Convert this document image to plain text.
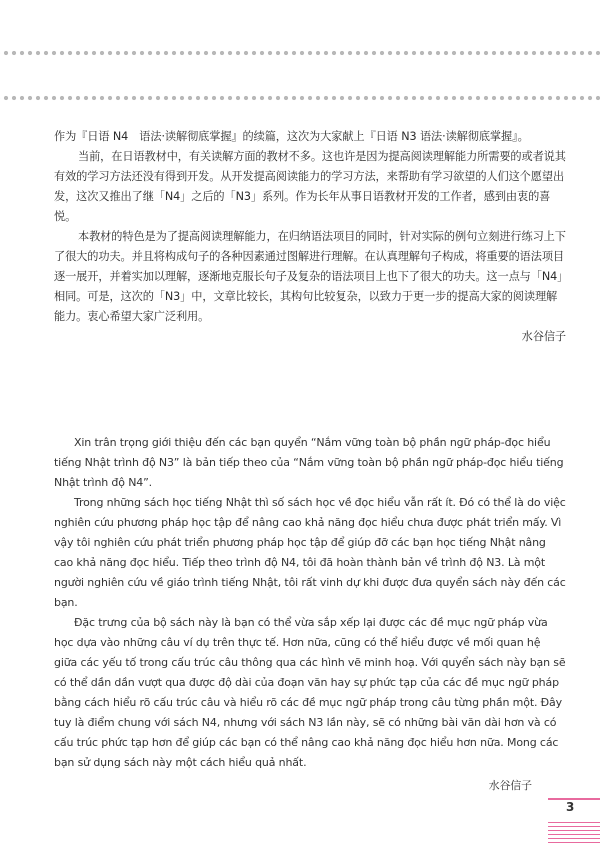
作为『日语 N4　语法·读解彻底掌握』的续篇，这次为大家献上『日语 N3 语法·读解彻底掌握』。

当前，在日语教材中，有关读解方面的教材不多。这也许是因为提高阅读理解能力所需要的或者说其有效的学习方法还没有得到开发。从开发提高阅读能力的学习方法，来帮助有学习欲望的人们这个愿望出发，这次又推出了继「N4」之后的「N3」系列。作为长年从事日语教材开发的工作者，感到由衷的喜悦。

本教材的特色是为了提高阅读理解能力，在归纳语法项目的同时，针对实际的例句立刻进行练习上下了很大的功夫。并且将构成句子的各种因素通过图解进行理解。在认真理解句子构成，将重要的语法项目逐一展开，并着实加以理解，逐渐地克服长句子及复杂的语法项目上也下了很大的功夫。这一点与「N4」相同。可是，这次的「N3」中，文章比较长，其构句比较复杂，以致力于更一步的提高大家的阅读理解能力。衷心希望大家广泛利用。

水谷信子

Xin trân trọng giới thiệu đến các bạn quyển “Nắm vững toàn bộ phần ngữ pháp-đọc hiểu tiếng Nhật trình độ N3” là bản tiếp theo của “Nắm vững toàn bộ phần ngữ pháp-đọc hiểu tiếng Nhật trình độ N4”.

Trong những sách học tiếng Nhật thì số sách học về đọc hiểu vẫn rất ít. Đó có thể là do việc nghiên cứu phương pháp học tập để nâng cao khả năng đọc hiểu chưa được phát triển mấy. Vì vậy tôi nghiên cứu phát triển phương pháp học tập để giúp đỡ các bạn học tiếng Nhật nâng cao khả năng đọc hiểu. Tiếp theo trình độ N4, tôi đã hoàn thành bản về trình độ N3. Là một người nghiên cứu về giáo trình tiếng Nhật, tôi rất vinh dự khi được đưa quyển sách này đến các bạn.

Đặc trưng của bộ sách này là bạn có thể vừa sắp xếp lại được các đề mục ngữ pháp vừa học dựa vào những câu ví dụ trên thực tế. Hơn nữa, cũng có thể hiểu được về mối quan hệ giữa các yếu tố trong cấu trúc câu thông qua các hình vẽ minh hoạ. Với quyển sách này bạn sẽ có thể dần dần vượt qua được độ dài của đoạn văn hay sự phức tạp của các đề mục ngữ pháp bằng cách hiểu rõ cấu trúc câu và hiểu rõ các đề mục ngữ pháp trong câu từng phần một. Đây tuy là điểm chung với sách N4, nhưng với sách N3 lần này, sẽ có những bài văn dài hơn và có cấu trúc phức tạp hơn để giúp các bạn có thể nâng cao khả năng đọc hiểu hơn nữa. Mong các bạn sử dụng sách này một cách hiểu quả nhất.

水谷信子

3
